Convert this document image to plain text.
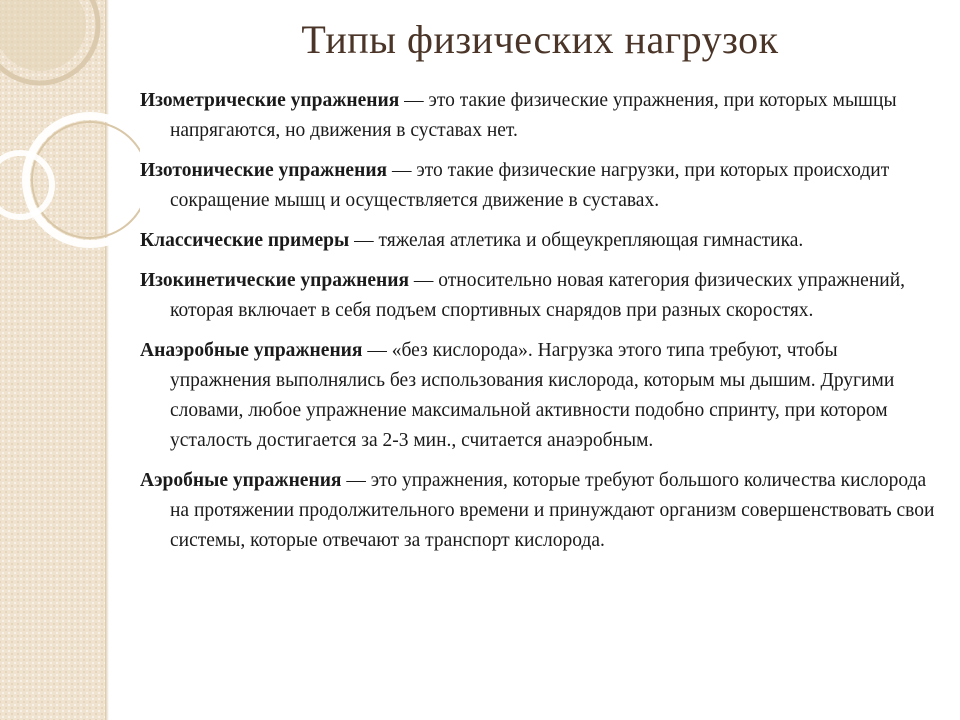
Типы физических нагрузок

Изометрические упражнения — это такие физические упражнения, при которых мышцы напрягаются, но движения в суставах нет.

Изотонические упражнения — это такие физические нагрузки, при которых происходит сокращение мышц и осуществляется движение в суставах.

Классические примеры — тяжелая атлетика и общеукрепляющая гимнастика.

Изокинетические упражнения — относительно новая категория физических упражнений, которая включает в себя подъем спортивных снарядов при разных скоростях.

Анаэробные упражнения — «без кислорода». Нагрузка этого типа требуют, чтобы упражнения выполнялись без использования кислорода, которым мы дышим. Другими словами, любое упражнение максимальной активности подобно спринту, при котором усталость достигается за 2-3 мин., считается анаэробным.

Аэробные упражнения — это упражнения, которые требуют большого количества кислорода на протяжении продолжительного времени и принуждают организм совершенствовать свои системы, которые отвечают за транспорт кислорода.
